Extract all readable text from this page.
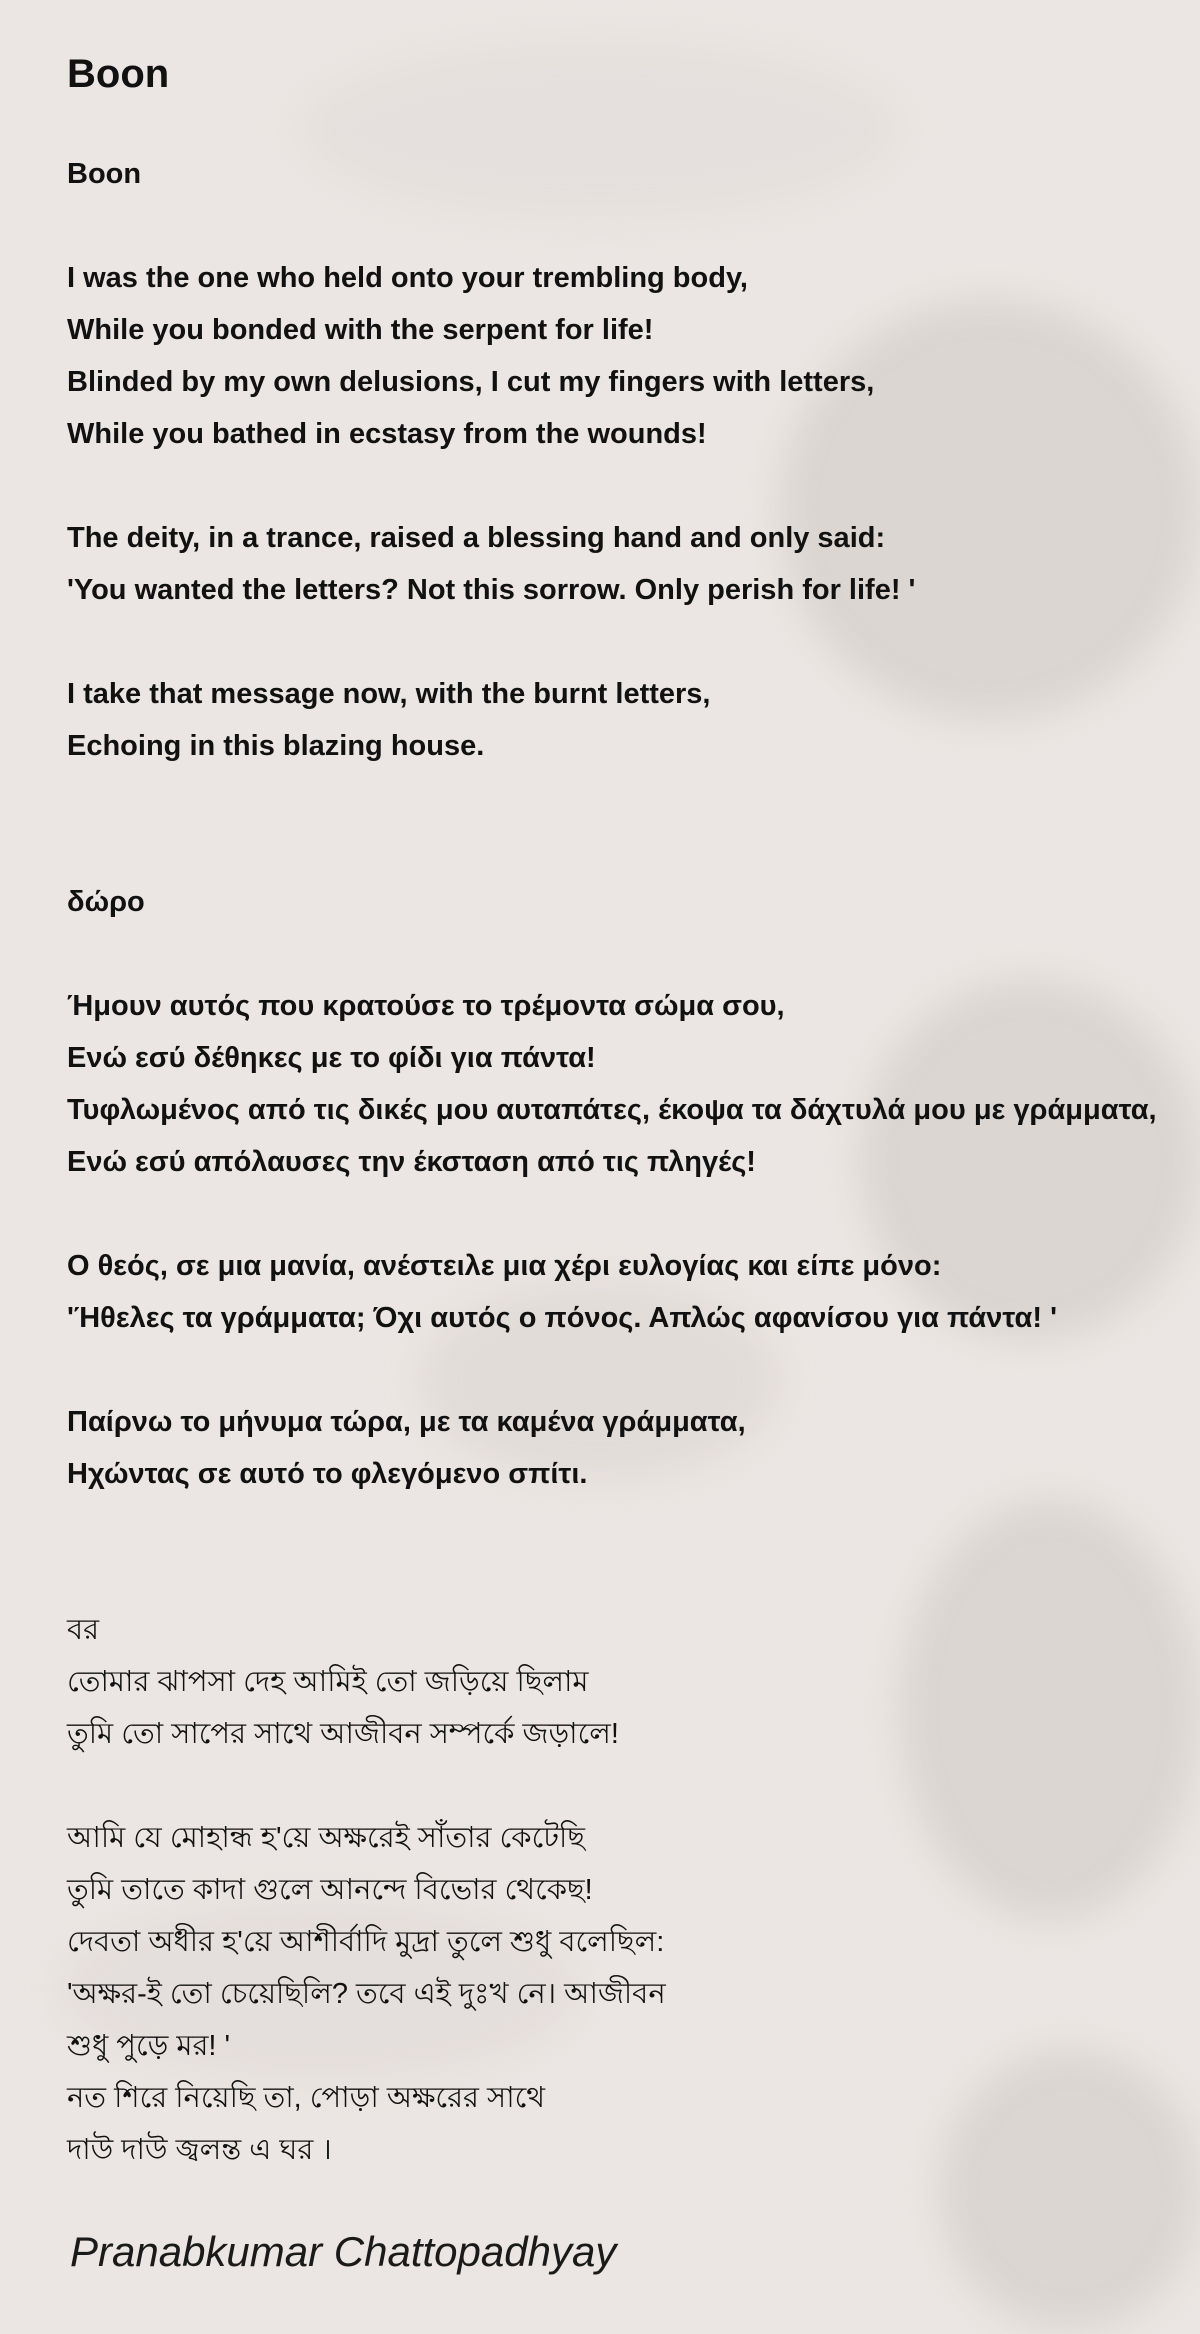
Boon
Boon
I was the one who held onto your trembling body,
While you bonded with the serpent for life!
Blinded by my own delusions, I cut my fingers with letters,
While you bathed in ecstasy from the wounds!
The deity, in a trance, raised a blessing hand and only said:
'You wanted the letters? Not this sorrow. Only perish for life! '
I take that message now, with the burnt letters,
Echoing in this blazing house.
δώρο
Ήμουν αυτός που κρατούσε το τρέμοντα σώμα σου,
Ενώ εσύ δέθηκες με το φίδι για πάντα!
Τυφλωμένος από τις δικές μου αυταπάτες, έκοψα τα δάχτυλά μου με γράμματα,
Ενώ εσύ απόλαυσες την έκσταση από τις πληγές!
Ο θεός, σε μια μανία, ανέστειλε μια χέρι ευλογίας και είπε μόνο:
'Ήθελες τα γράμματα; Όχι αυτός ο πόνος. Απλώς αφανίσου για πάντα! '
Παίρνω το μήνυμα τώρα, με τα καμένα γράμματα,
Ηχώντας σε αυτό το φλεγόμενο σπίτι.
বর
তোমার ঝাপসা দেহ আমিই তো জড়িয়ে ছিলাম
তুমি তো সাপের সাথে আজীবন সম্পর্কে জড়ালে!
আমি যে মোহান্ধ হ'য়ে অক্ষরেই সাঁতার কেটেছি
তুমি তাতে কাদা গুলে আনন্দে বিভোর থেকেছ!
দেবতা অধীর হ'য়ে আশীর্বাদি মুদ্রা তুলে শুধু বলেছিল:
'অক্ষর-ই তো চেয়েছিলি? তবে এই দুঃখ নে। আজীবন
শুধু পুড়ে মর! '
নত শিরে নিয়েছি তা, পোড়া অক্ষরের সাথে
দাউ দাউ জ্বলন্ত এ ঘর ।

Pranabkumar Chattopadhyay
